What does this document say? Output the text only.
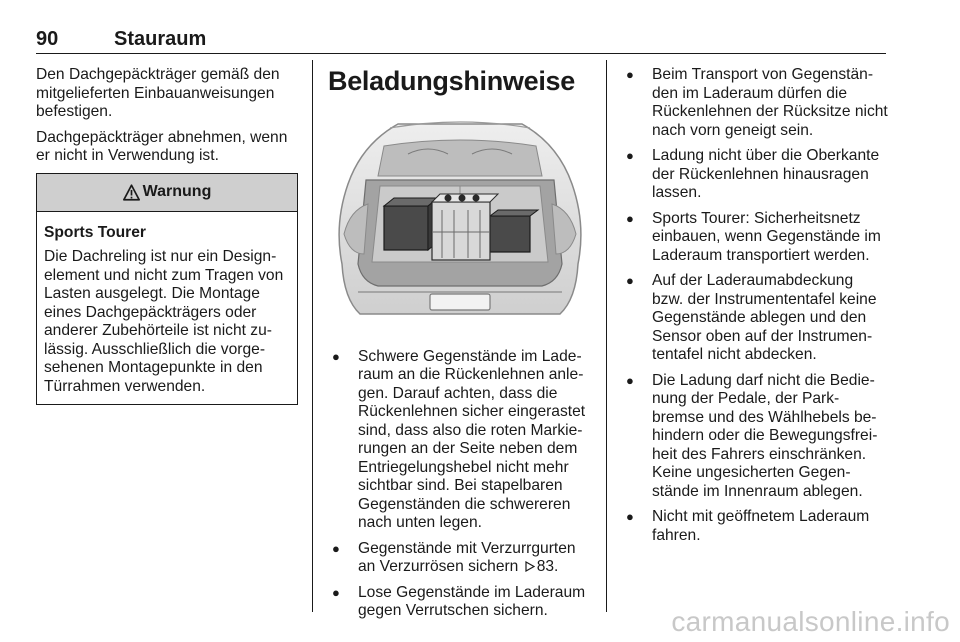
90	Stauraum

Den Dachgepäckträger gemäß den mitgelieferten Einbauanweisungen befestigen.

Dachgepäckträger abnehmen, wenn er nicht in Verwendung ist.

Warnung

Sports Tourer

Die Dachreling ist nur ein Design-element und nicht zum Tragen von Lasten ausgelegt. Die Montage eines Dachgepäckträgers oder anderer Zubehörteile ist nicht zu-lässig. Ausschließlich die vorge-sehenen Montagepunkte in den Türrahmen verwenden.

Beladungshinweise
● Schwere Gegenstände im Lade-raum an die Rückenlehnen anle-gen. Darauf achten, dass die Rückenlehnen sicher eingerastet sind, dass also die roten Markie-rungen an der Seite neben dem Entriegelungshebel nicht mehr sichtbar sind. Bei stapelbaren Gegenständen die schwereren nach unten legen.
● Gegenstände mit Verzurrgurten an Verzurrösen sichern 83.
● Lose Gegenstände im Laderaum gegen Verrutschen sichern.
● Beim Transport von Gegenstän-den im Laderaum dürfen die Rückenlehnen der Rücksitze nicht nach vorn geneigt sein.
● Ladung nicht über die Oberkante der Rückenlehnen hinausragen lassen.
● Sports Tourer: Sicherheitsnetz einbauen, wenn Gegenstände im Laderaum transportiert werden.
● Auf der Laderaumabdeckung bzw. der Instrumententafel keine Gegenstände ablegen und den Sensor oben auf der Instrumen-tentafel nicht abdecken.
● Die Ladung darf nicht die Bedie-nung der Pedale, der Park-bremse und des Wählhebels be-hindern oder die Bewegungsfrei-heit des Fahrers einschränken. Keine ungesicherten Gegen-stände im Innenraum ablegen.
● Nicht mit geöffnetem Laderaum fahren.
carmanualsonline.info
